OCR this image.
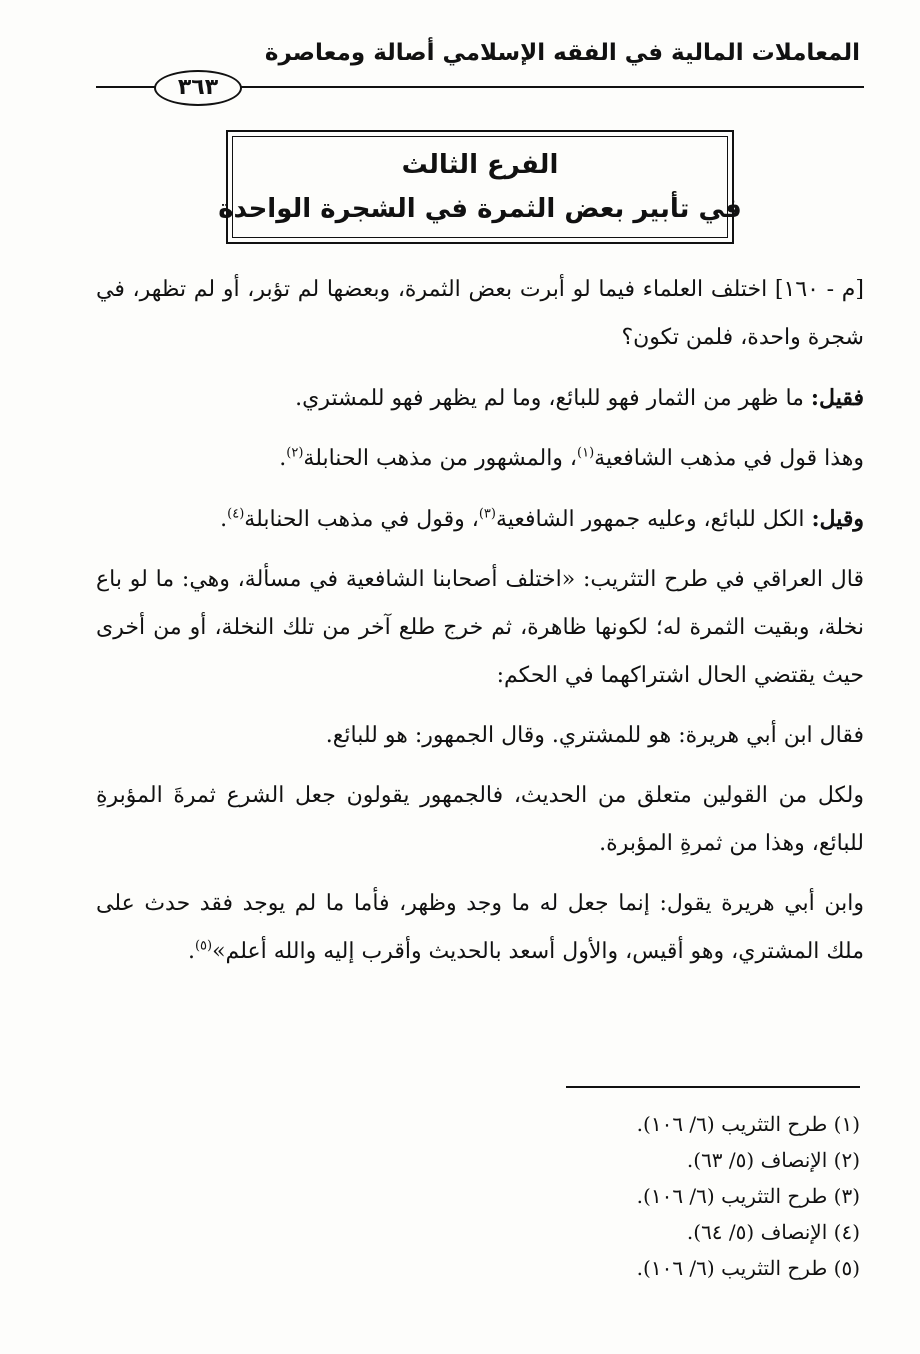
المعاملات المالية في الفقه الإسلامي أصالة ومعاصرة
٣٦٣
الفرع الثالث
في تأبير بعض الثمرة في الشجرة الواحدة

[م - ١٦٠] اختلف العلماء فيما لو أبرت بعض الثمرة، وبعضها لم تؤبر، أو لم تظهر، في شجرة واحدة، فلمن تكون؟

فقيل: ما ظهر من الثمار فهو للبائع، وما لم يظهر فهو للمشتري.

وهذا قول في مذهب الشافعية$^{(١)}$، والمشهور من مذهب الحنابلة$^{(٢)}$.

وقيل: الكل للبائع، وعليه جمهور الشافعية$^{(٣)}$، وقول في مذهب الحنابلة$^{(٤)}$.

قال العراقي في طرح التثريب: «اختلف أصحابنا الشافعية في مسألة، وهي: ما لو باع نخلة، وبقيت الثمرة له؛ لكونها ظاهرة، ثم خرج طلع آخر من تلك النخلة، أو من أخرى حيث يقتضي الحال اشتراكهما في الحكم:

فقال ابن أبي هريرة: هو للمشتري. وقال الجمهور: هو للبائع.

ولكل من القولين متعلق من الحديث، فالجمهور يقولون جعل الشرع ثمرةَ المؤبرةِ للبائع، وهذا من ثمرةِ المؤبرة.

وابن أبي هريرة يقول: إنما جعل له ما وجد وظهر، فأما ما لم يوجد فقد حدث على ملك المشتري، وهو أقيس، والأول أسعد بالحديث وأقرب إليه والله أعلم»$^{(٥)}$.

(١) طرح التثريب (٦/ ١٠٦).

(٢) الإنصاف (٥/ ٦٣).

(٣) طرح التثريب (٦/ ١٠٦).

(٤) الإنصاف (٥/ ٦٤).

(٥) طرح التثريب (٦/ ١٠٦).
